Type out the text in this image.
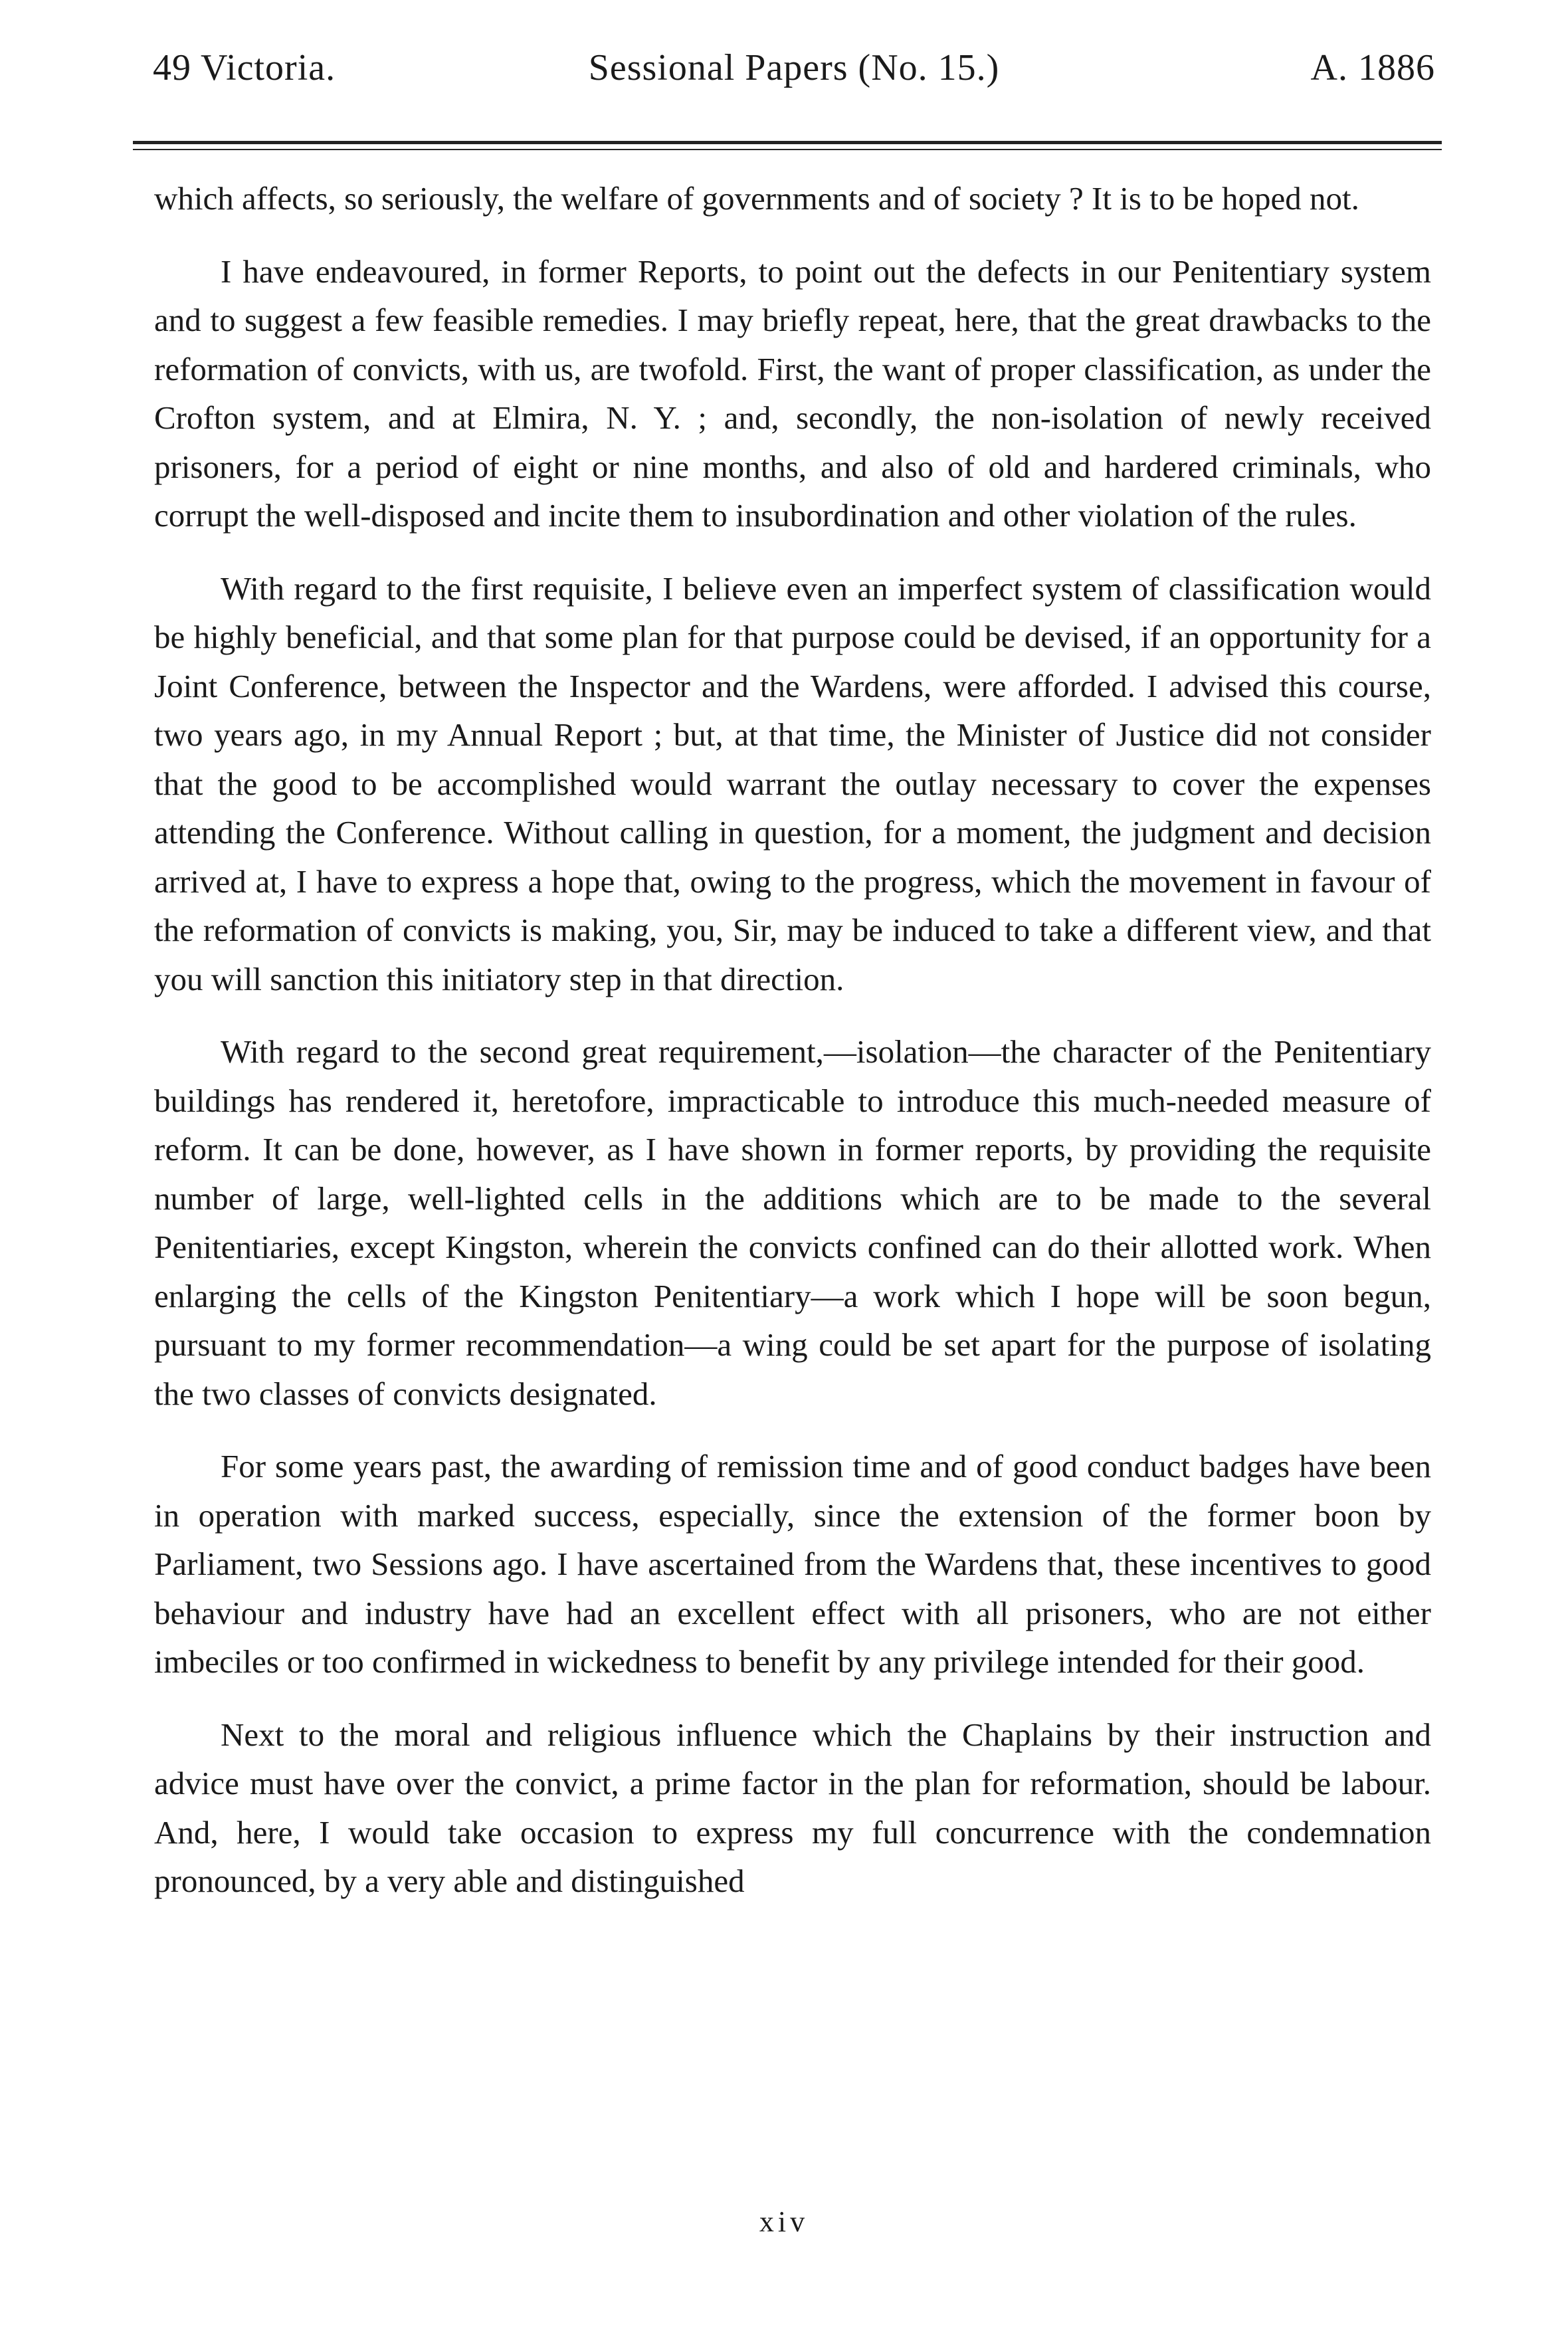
49 Victoria.	Sessional Papers (No. 15.)	A. 1886

which affects, so seriously, the welfare of governments and of society ? It is to be hoped not.

I have endeavoured, in former Reports, to point out the defects in our Penitentiary system and to suggest a few feasible remedies. I may briefly repeat, here, that the great drawbacks to the reformation of convicts, with us, are twofold. First, the want of proper classification, as under the Crofton system, and at Elmira, N. Y. ; and, secondly, the non-isolation of newly received prisoners, for a period of eight or nine months, and also of old and hardered criminals, who corrupt the well-disposed and incite them to insubordination and other violation of the rules.

With regard to the first requisite, I believe even an imperfect system of classification would be highly beneficial, and that some plan for that purpose could be devised, if an opportunity for a Joint Conference, between the Inspector and the Wardens, were afforded. I advised this course, two years ago, in my Annual Report ; but, at that time, the Minister of Justice did not consider that the good to be accomplished would warrant the outlay necessary to cover the expenses attending the Conference. Without calling in question, for a moment, the judgment and decision arrived at, I have to express a hope that, owing to the progress, which the movement in favour of the reformation of convicts is making, you, Sir, may be induced to take a different view, and that you will sanction this initiatory step in that direction.

With regard to the second great requirement,—isolation—the character of the Penitentiary buildings has rendered it, heretofore, impracticable to introduce this much-needed measure of reform. It can be done, however, as I have shown in former reports, by providing the requisite number of large, well-lighted cells in the additions which are to be made to the several Penitentiaries, except Kingston, wherein the convicts confined can do their allotted work. When enlarging the cells of the Kingston Penitentiary—a work which I hope will be soon begun, pursuant to my former recommendation—a wing could be set apart for the purpose of isolating the two classes of convicts designated.

For some years past, the awarding of remission time and of good conduct badges have been in operation with marked success, especially, since the extension of the former boon by Parliament, two Sessions ago. I have ascertained from the Wardens that, these incentives to good behaviour and industry have had an excellent effect with all prisoners, who are not either imbeciles or too confirmed in wickedness to benefit by any privilege intended for their good.

Next to the moral and religious influence which the Chaplains by their instruction and advice must have over the convict, a prime factor in the plan for reformation, should be labour. And, here, I would take occasion to express my full concurrence with the condemnation pronounced, by a very able and distinguished

xiv
